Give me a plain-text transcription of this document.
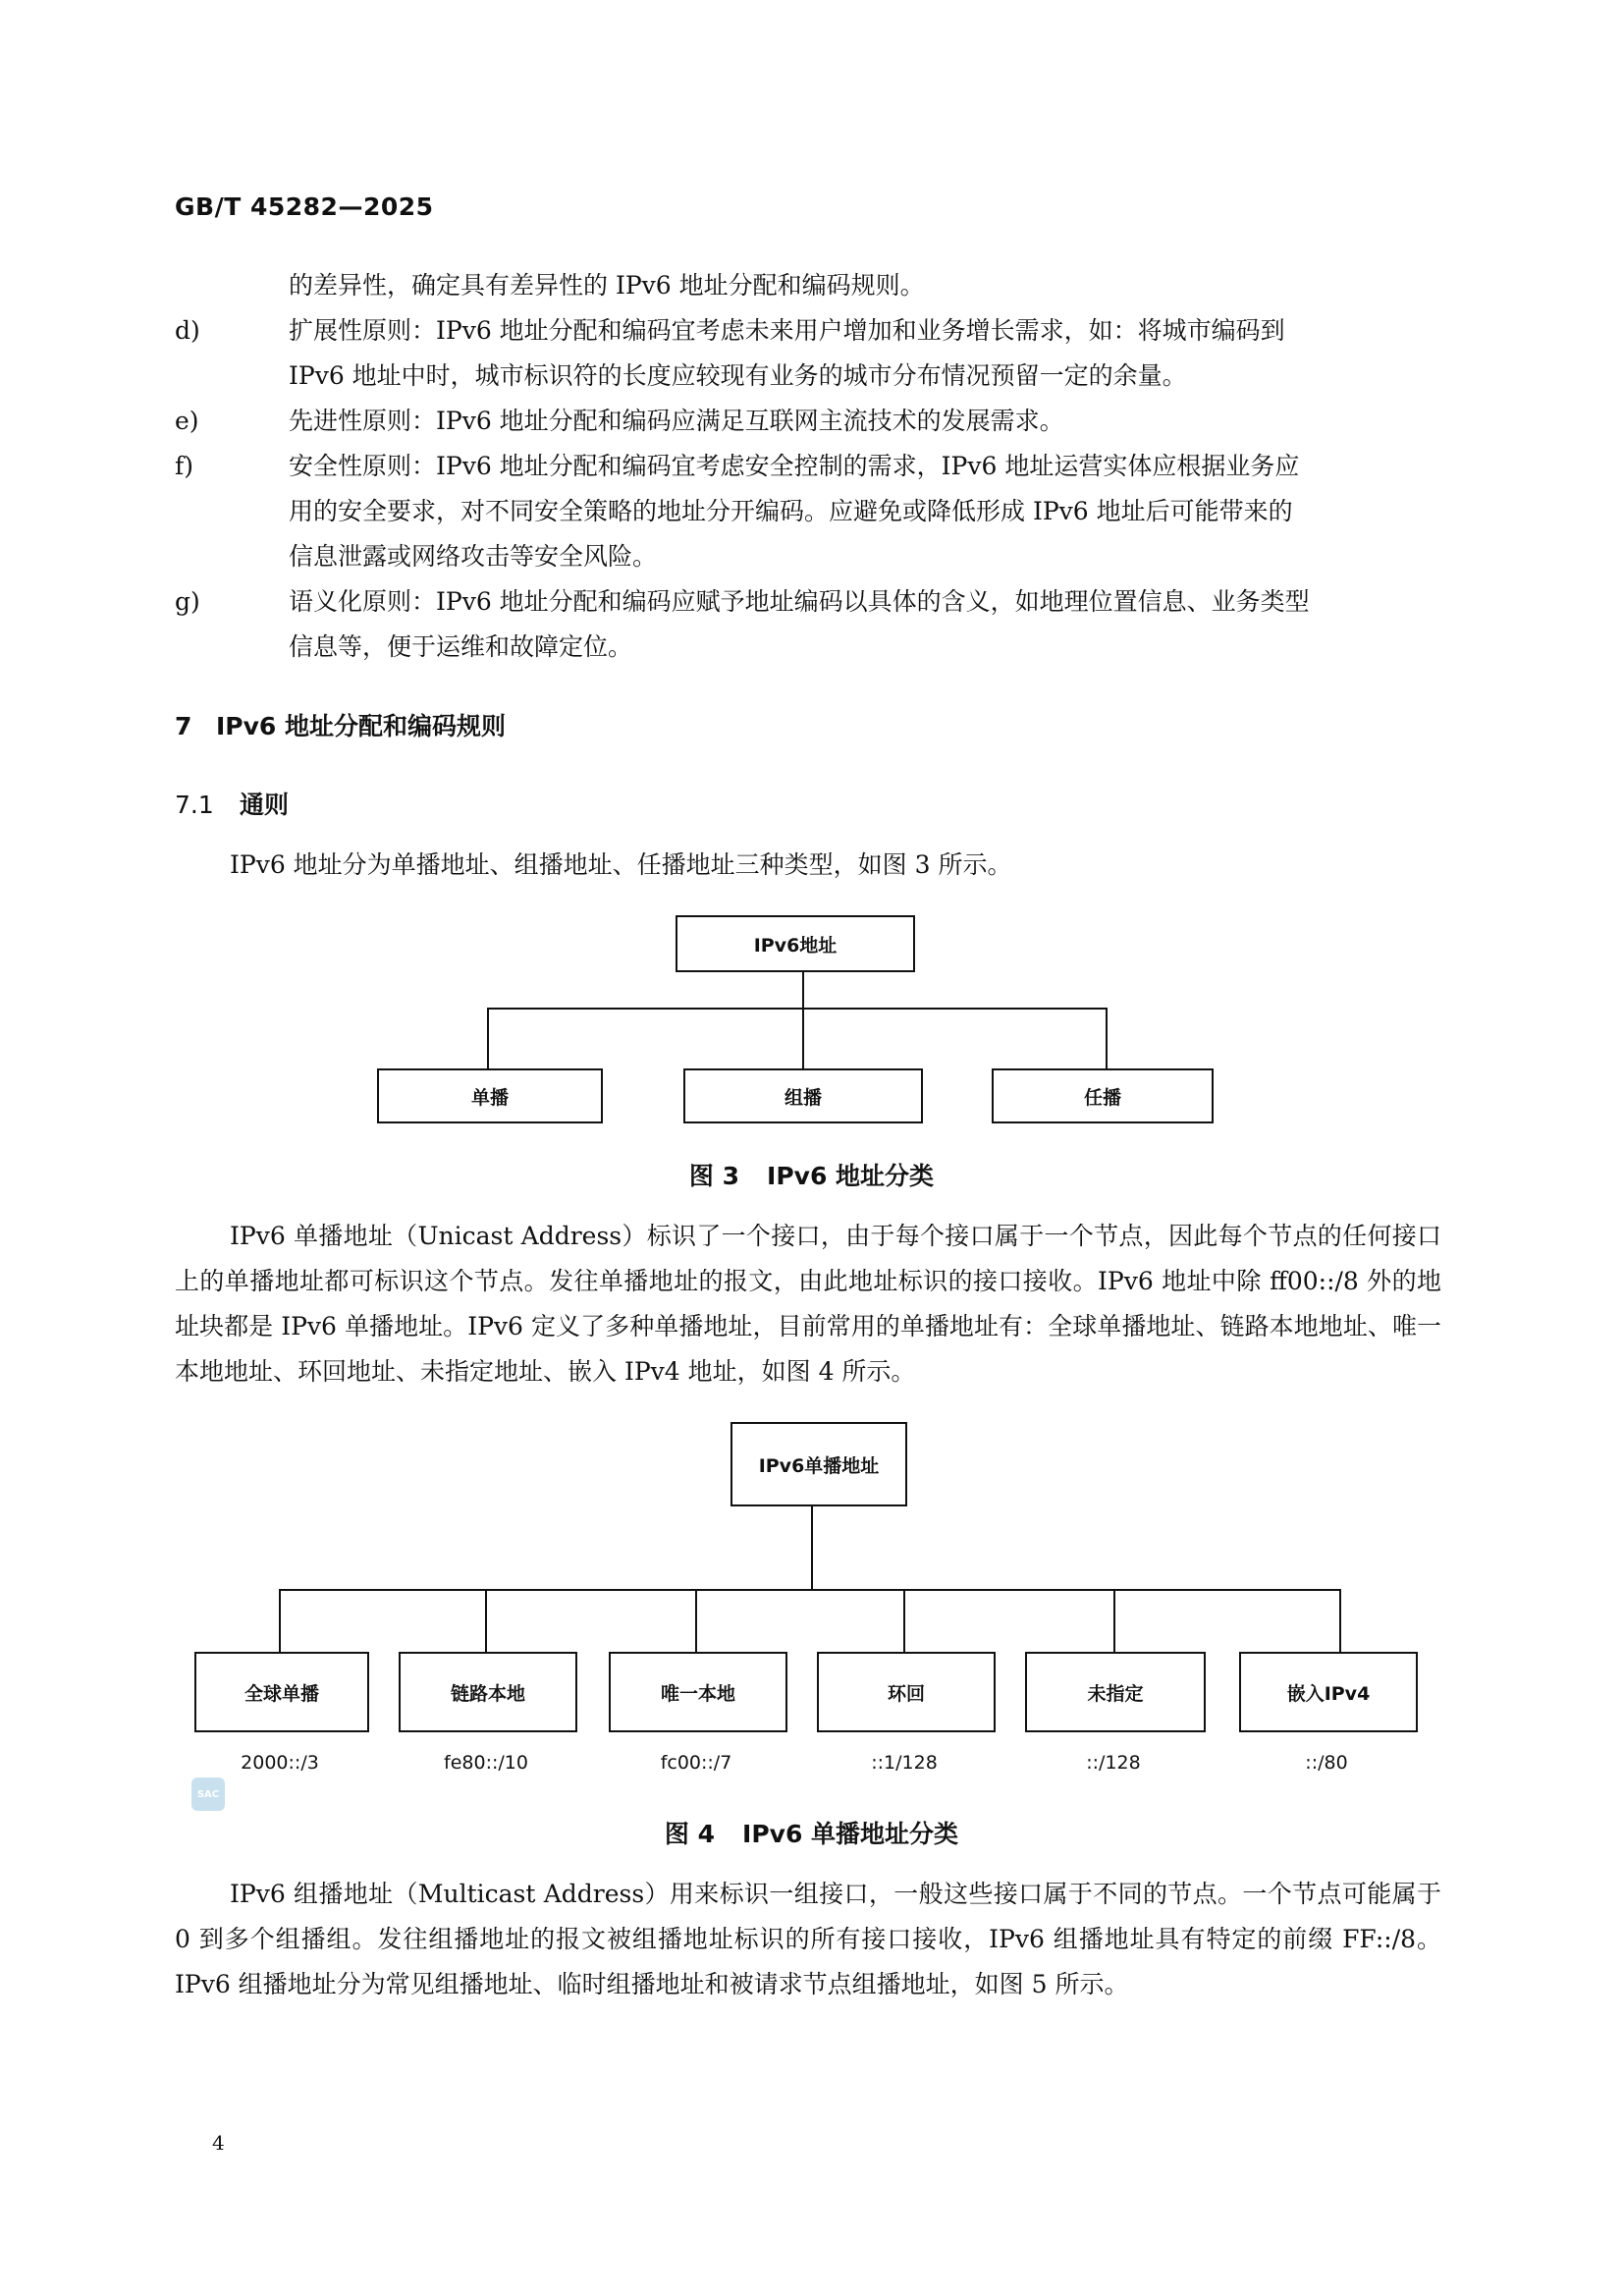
GB/T 45282—2025
的差异性，确定具有差异性的 IPv6 地址分配和编码规则。
d)	扩展性原则：IPv6 地址分配和编码宜考虑未来用户增加和业务增长需求，如：将城市编码到
IPv6 地址中时，城市标识符的长度应较现有业务的城市分布情况预留一定的余量。
e)	先进性原则：IPv6 地址分配和编码应满足互联网主流技术的发展需求。
f)	安全性原则：IPv6 地址分配和编码宜考虑安全控制的需求，IPv6 地址运营实体应根据业务应
用的安全要求，对不同安全策略的地址分开编码。应避免或降低形成 IPv6 地址后可能带来的
信息泄露或网络攻击等安全风险。
g)	语义化原则：IPv6 地址分配和编码应赋予地址编码以具体的含义，如地理位置信息、业务类型
信息等，便于运维和故障定位。
7 IPv6 地址分配和编码规则
7.1 通则
IPv6 地址分为单播地址、组播地址、任播地址三种类型，如图 3 所示。
IPv6地址
单播	组播	任播
图 3 IPv6 地址分类
IPv6 单播地址（Unicast Address）标识了一个接口，由于每个接口属于一个节点，因此每个节点的任何接口上的单播地址都可标识这个节点。发往单播地址的报文，由此地址标识的接口接收。IPv6 地址中除 ff00::/8 外的地址块都是 IPv6 单播地址。IPv6 定义了多种单播地址，目前常用的单播地址有：全球单播地址、链路本地地址、唯一本地地址、环回地址、未指定地址、嵌入 IPv4 地址，如图 4 所示。
IPv6单播地址
全球单播	链路本地	唯一本地	环回	未指定	嵌入IPv4
2000::/3	fe80::/10	fc00::/7	::1/128	::/128	::/80
SAC
图 4 IPv6 单播地址分类
IPv6 组播地址（Multicast Address）用来标识一组接口，一般这些接口属于不同的节点。一个节点可能属于 0 到多个组播组。发往组播地址的报文被组播地址标识的所有接口接收，IPv6 组播地址具有特定的前缀 FF::/8。IPv6 组播地址分为常见组播地址、临时组播地址和被请求节点组播地址，如图 5 所示。
4
